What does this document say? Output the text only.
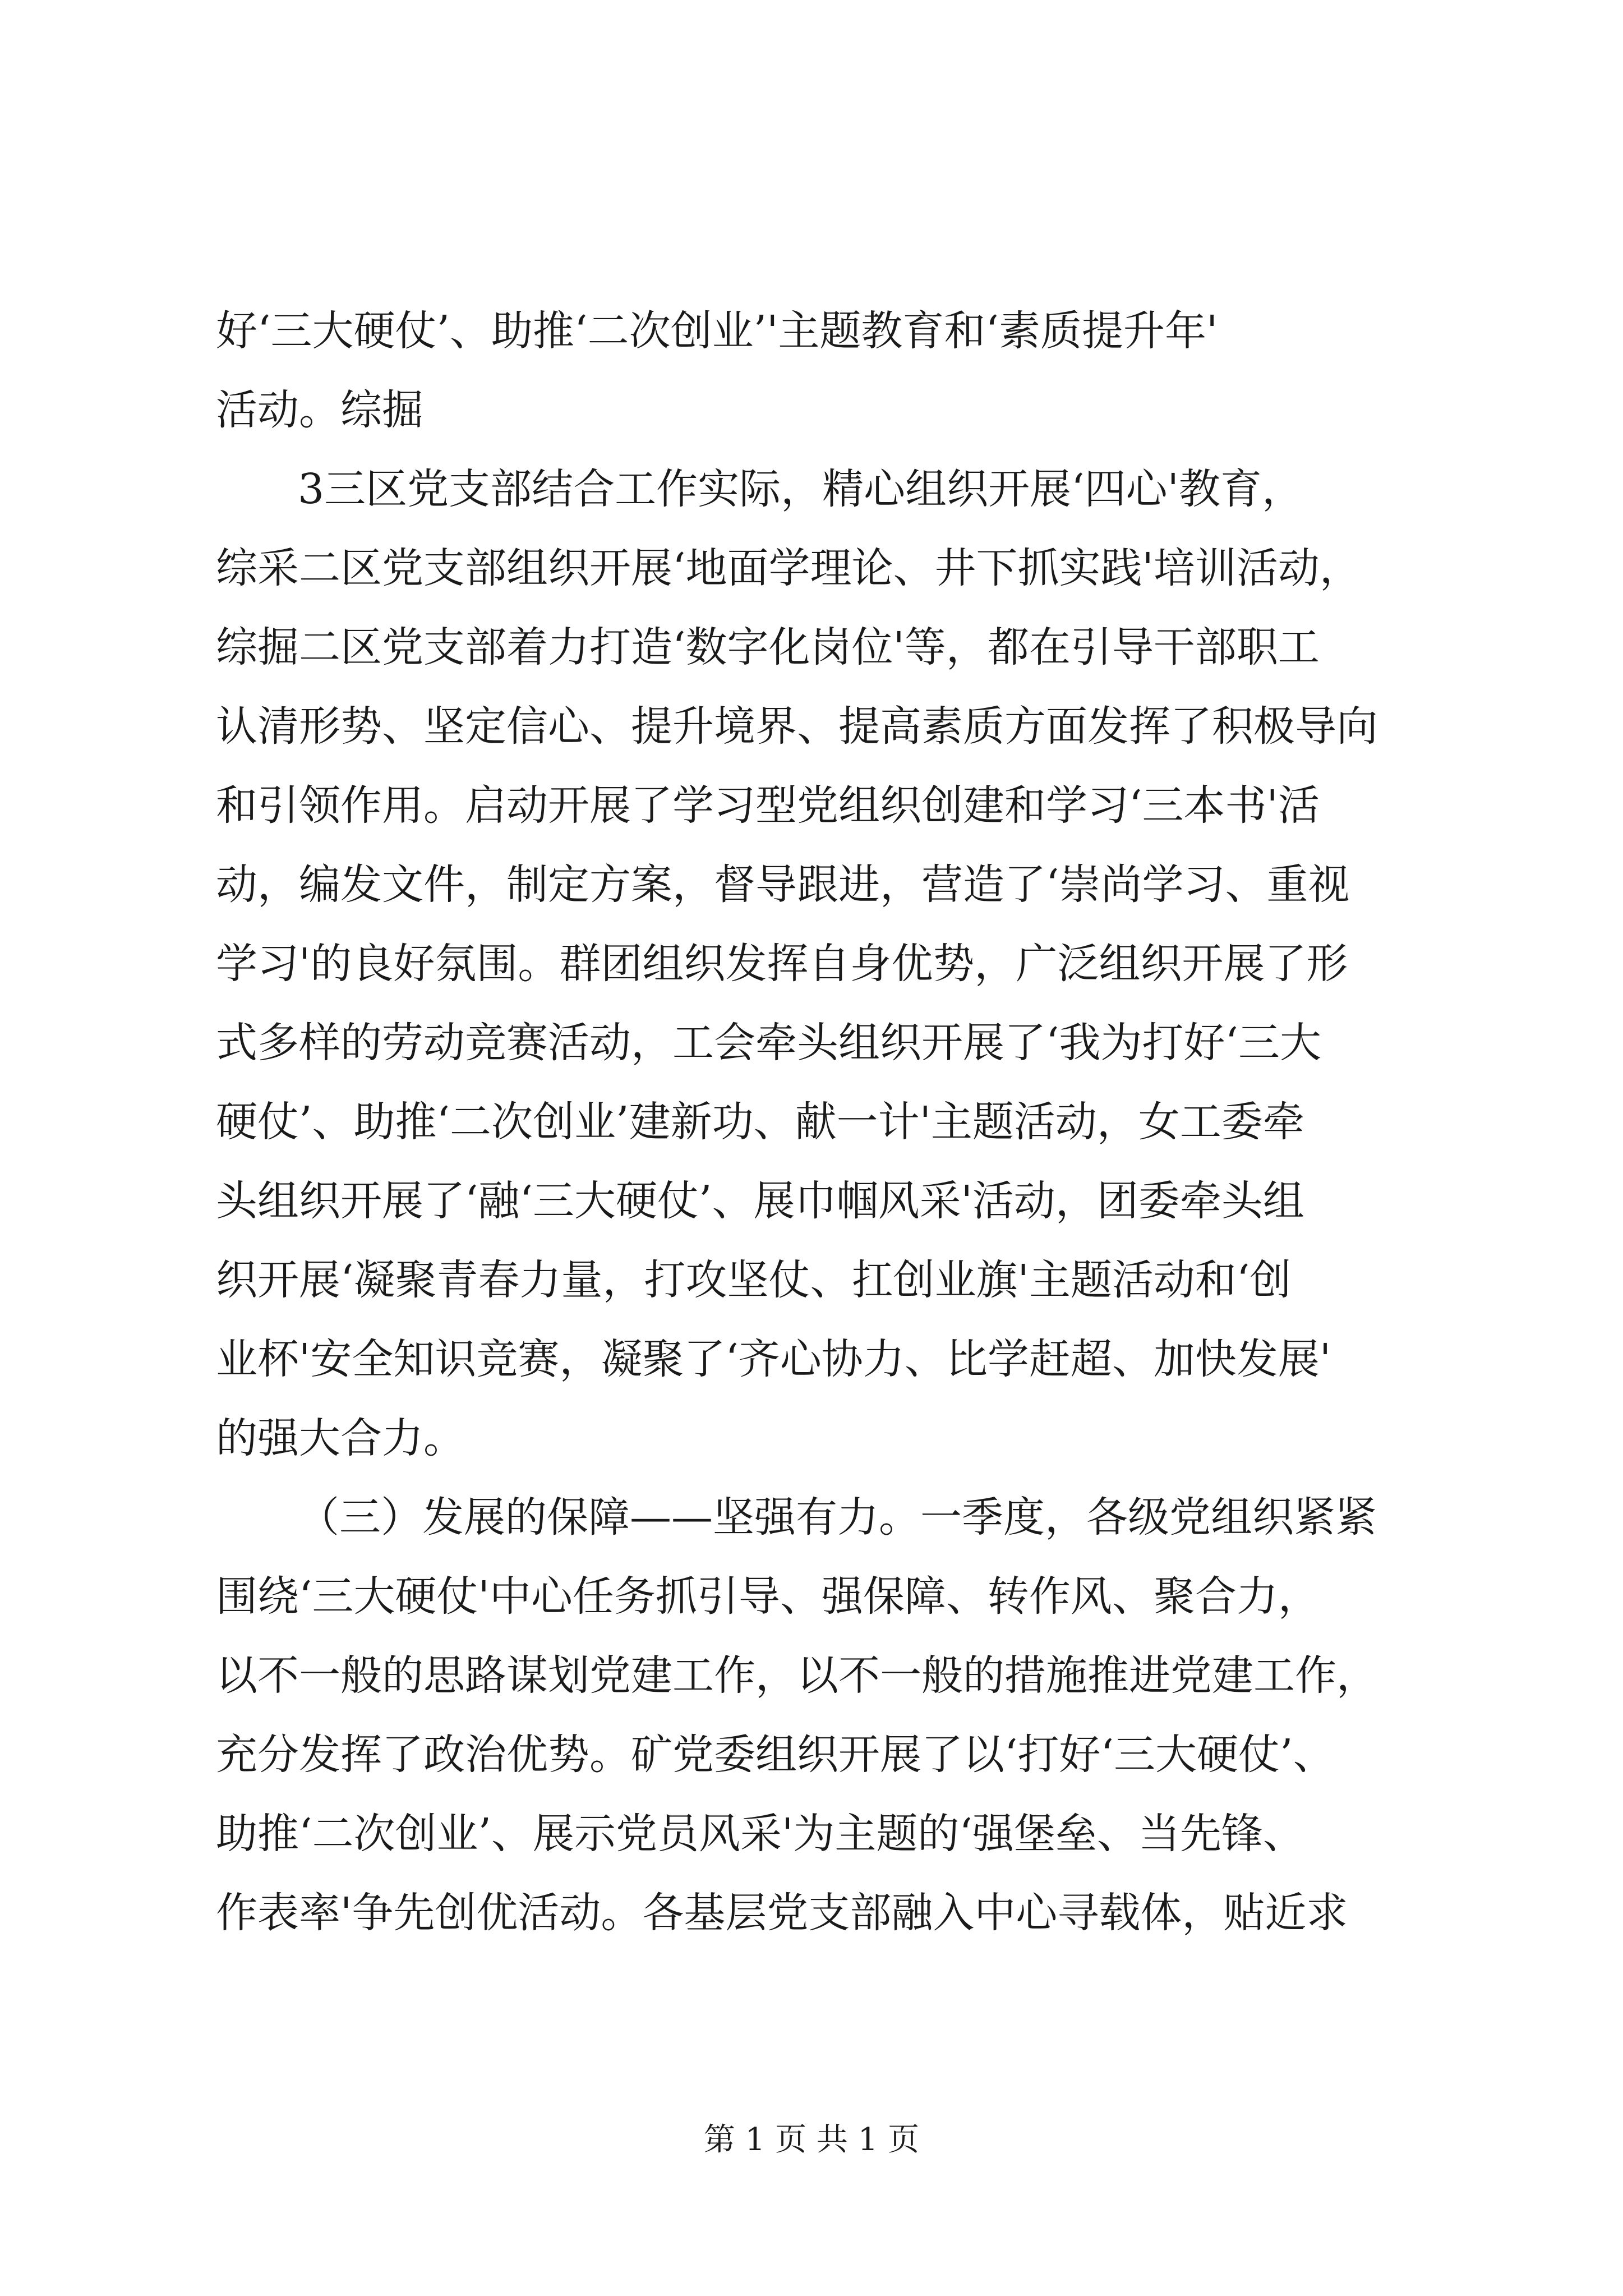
好‘三大硬仗’、助推‘二次创业’'主题教育和‘素质提升年'
活动。综掘
3三区党支部结合工作实际，精心组织开展‘四心'教育，
综采二区党支部组织开展‘地面学理论、井下抓实践'培训活动，
综掘二区党支部着力打造‘数字化岗位'等，都在引导干部职工
认清形势、坚定信心、提升境界、提高素质方面发挥了积极导向
和引领作用。启动开展了学习型党组织创建和学习‘三本书'活
动，编发文件，制定方案，督导跟进，营造了‘崇尚学习、重视
学习'的良好氛围。群团组织发挥自身优势，广泛组织开展了形
式多样的劳动竞赛活动，工会牵头组织开展了‘我为打好‘三大
硬仗’、助推‘二次创业’建新功、献一计'主题活动，女工委牵
头组织开展了‘融‘三大硬仗’、展巾帼风采'活动，团委牵头组
织开展‘凝聚青春力量，打攻坚仗、扛创业旗'主题活动和‘创
业杯'安全知识竞赛，凝聚了‘齐心协力、比学赶超、加快发展'
的强大合力。
（三）发展的保障——坚强有力。一季度，各级党组织紧紧
围绕‘三大硬仗'中心任务抓引导、强保障、转作风、聚合力，
以不一般的思路谋划党建工作，以不一般的措施推进党建工作，
充分发挥了政治优势。矿党委组织开展了以‘打好‘三大硬仗’、
助推‘二次创业’、展示党员风采'为主题的‘强堡垒、当先锋、
作表率'争先创优活动。各基层党支部融入中心寻载体，贴近求
第 1 页 共 1 页
